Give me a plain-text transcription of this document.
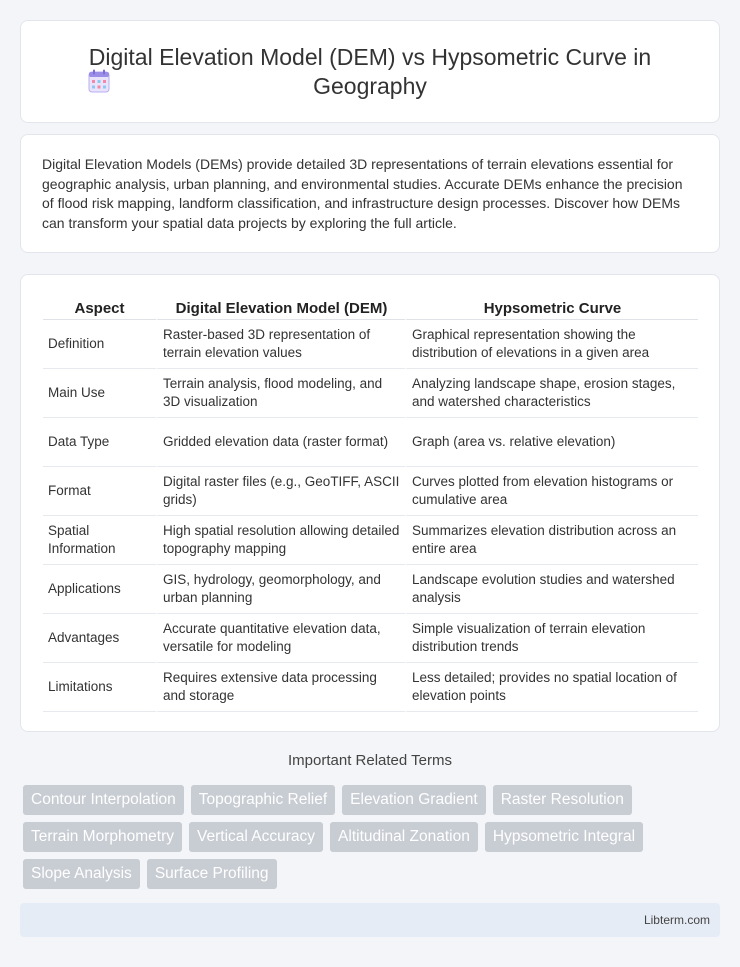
Digital Elevation Model (DEM) vs Hypsometric Curve in Geography

Digital Elevation Models (DEMs) provide detailed 3D representations of terrain elevations essential for geographic analysis, urban planning, and environmental studies. Accurate DEMs enhance the precision of flood risk mapping, landform classification, and infrastructure design processes. Discover how DEMs can transform your spatial data projects by exploring the full article.

Aspect	Digital Elevation Model (DEM)	Hypsometric Curve
Definition	Raster-based 3D representation of terrain elevation values	Graphical representation showing the distribution of elevations in a given area
Main Use	Terrain analysis, flood modeling, and 3D visualization	Analyzing landscape shape, erosion stages, and watershed characteristics
Data Type	Gridded elevation data (raster format)	Graph (area vs. relative elevation)
Format	Digital raster files (e.g., GeoTIFF, ASCII grids)	Curves plotted from elevation histograms or cumulative area
Spatial Information	High spatial resolution allowing detailed topography mapping	Summarizes elevation distribution across an entire area
Applications	GIS, hydrology, geomorphology, and urban planning	Landscape evolution studies and watershed analysis
Advantages	Accurate quantitative elevation data, versatile for modeling	Simple visualization of terrain elevation distribution trends
Limitations	Requires extensive data processing and storage	Less detailed; provides no spatial location of elevation points
Important Related Terms
Contour Interpolation	Topographic Relief	Elevation Gradient	Raster Resolution
Terrain Morphometry	Vertical Accuracy	Altitudinal Zonation	Hypsometric Integral
Slope Analysis	Surface Profiling
Libterm.com
